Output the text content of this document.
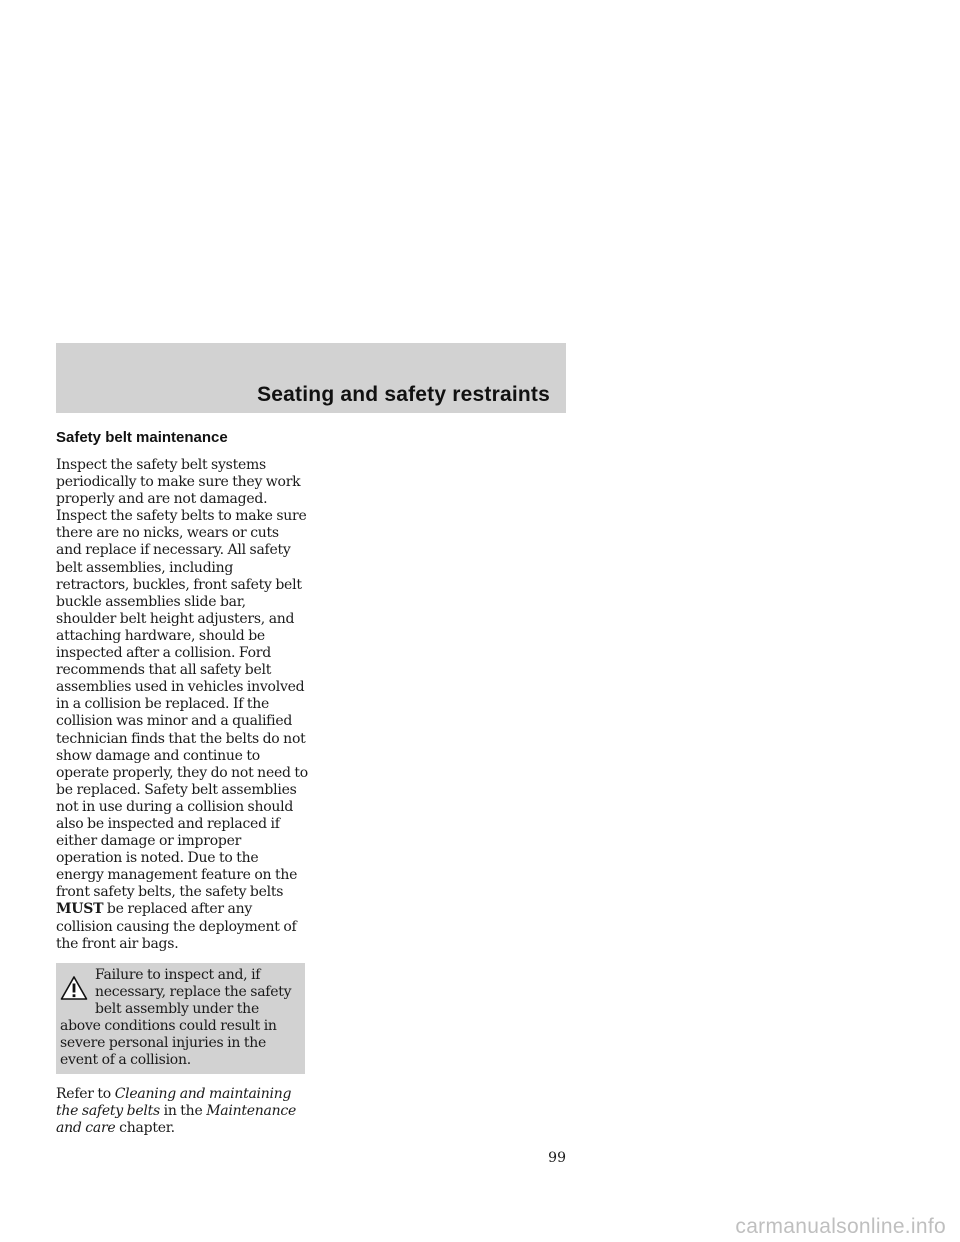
Seating and safety restraints
Safety belt maintenance

Inspect the safety belt systems periodically to make sure they work properly and are not damaged. Inspect the safety belts to make sure there are no nicks, wears or cuts and replace if necessary. All safety belt assemblies, including retractors, buckles, front safety belt buckle assemblies slide bar, shoulder belt height adjusters, and attaching hardware, should be inspected after a collision. Ford recommends that all safety belt assemblies used in vehicles involved in a collision be replaced. If the collision was minor and a qualified technician finds that the belts do not show damage and continue to operate properly, they do not need to be replaced. Safety belt assemblies not in use during a collision should also be inspected and replaced if either damage or improper operation is noted. Due to the energy management feature on the front safety belts, the safety belts MUST be replaced after any collision causing the deployment of the front air bags.

Failure to inspect and, if necessary, replace the safety belt assembly under the above conditions could result in severe personal injuries in the event of a collision.

Refer to Cleaning and maintaining the safety belts in the Maintenance and care chapter.

99

carmanualsonline.info
